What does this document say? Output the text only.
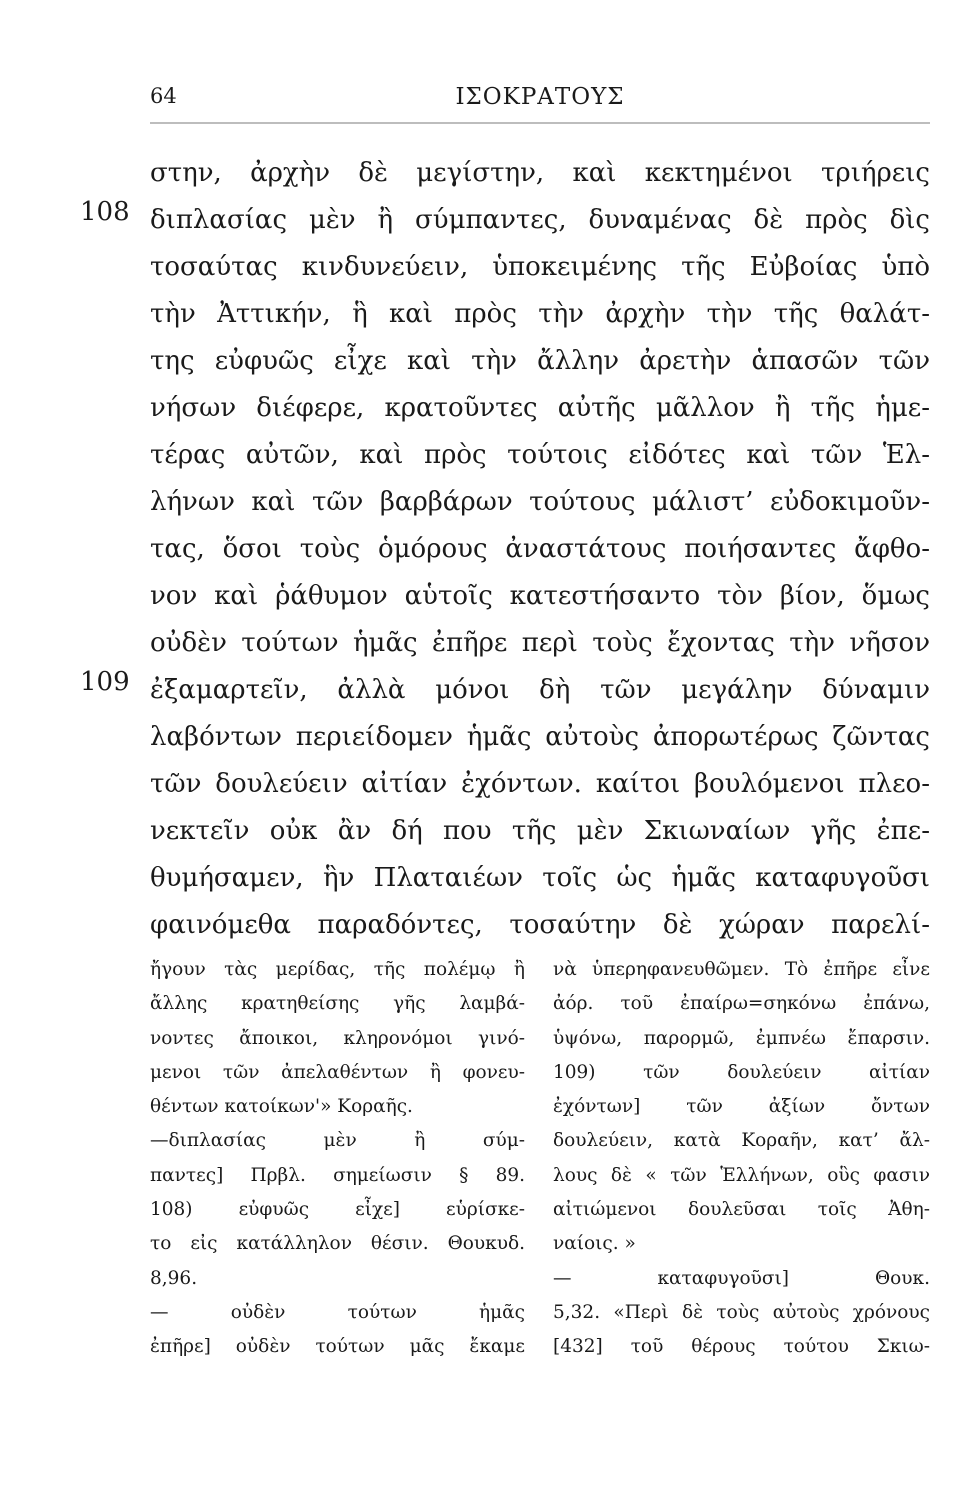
64	ΙΣΟΚΡΑΤΟΥΣ
108
109
στην, ἀρχὴν δὲ μεγίστην, καὶ κεκτημένοι τριήρεις
διπλασίας μὲν ἢ σύμπαντες, δυναμένας δὲ πρὸς δὶς
τοσαύτας κινδυνεύειν, ὑποκειμένης τῆς Εὐβοίας ὑπὸ
τὴν Ἀττικήν, ἣ καὶ πρὸς τὴν ἀρχὴν τὴν τῆς θαλάτ-
της εὐφυῶς εἶχε καὶ τὴν ἄλλην ἀρετὴν ἁπασῶν τῶν
νήσων διέφερε, κρατοῦντες αὐτῆς μᾶλλον ἢ τῆς ἡμε-
τέρας αὐτῶν, καὶ πρὸς τούτοις εἰδότες καὶ τῶν Ἑλ-
λήνων καὶ τῶν βαρβάρων τούτους μάλιστ’ εὐδοκιμοῦν-
τας, ὅσοι τοὺς ὁμόρους ἀναστάτους ποιήσαντες ἄφθο-
νον καὶ ῥάθυμον αὑτοῖς κατεστήσαντο τὸν βίον, ὅμως
οὐδὲν τούτων ἡμᾶς ἐπῆρε περὶ τοὺς ἔχοντας τὴν νῆσον
ἐξαμαρτεῖν, ἀλλὰ μόνοι δὴ τῶν μεγάλην δύναμιν
λαβόντων περιείδομεν ἡμᾶς αὐτοὺς ἀπορωτέρως ζῶντας
τῶν δουλεύειν αἰτίαν ἐχόντων. καίτοι βουλόμενοι πλεο-
νεκτεῖν οὐκ ἂν δή που τῆς μὲν Σκιωναίων γῆς ἐπε-
θυμήσαμεν, ἣν Πλαταιέων τοῖς ὡς ἡμᾶς καταφυγοῦσι
φαινόμεθα παραδόντες, τοσαύτην δὲ χώραν παρελί-
ἤγουν τὰς μερίδας, τῆς πολέμῳ ἢ
ἄλλης κρατηθείσης γῆς λαμβά-
νοντες ἄποικοι, κληρονόμοι γινό-
μενοι τῶν ἀπελαθέντων ἢ φονευ-
θέντων κατοίκων'» Κοραῆς.
—διπλασίας μὲν ἢ σύμ-
παντες] Πρβλ. σημείωσιν § 89.
108) εὐφυῶς εἶχε] εὑρίσκε-
το εἰς κατάλληλον θέσιν. Θουκυδ.
8,96.
— οὐδὲν τούτων ἡμᾶς
ἐπῆρε] οὐδὲν τούτων μᾶς ἔκαμε
νὰ ὑπερηφανευθῶμεν. Τὸ ἐπῆρε εἶνε
ἀόρ. τοῦ ἐπαίρω=σηκόνω ἐπάνω,
ὑψόνω, παρορμῶ, ἐμπνέω ἔπαρσιν.
109) τῶν δουλεύειν αἰτίαν
ἐχόντων] τῶν ἀξίων ὄντων
δουλεύειν, κατὰ Κοραῆν, κατ’ ἄλ-
λους δὲ « τῶν Ἑλλήνων, οὓς φασιν
αἰτιώμενοι δουλεῦσαι τοῖς Ἀθη-
ναίοις. »
— καταφυγοῦσι] Θουκ.
5,32. «Περὶ δὲ τοὺς αὐτοὺς χρόνους
[432] τοῦ θέρους τούτου Σκιω-
